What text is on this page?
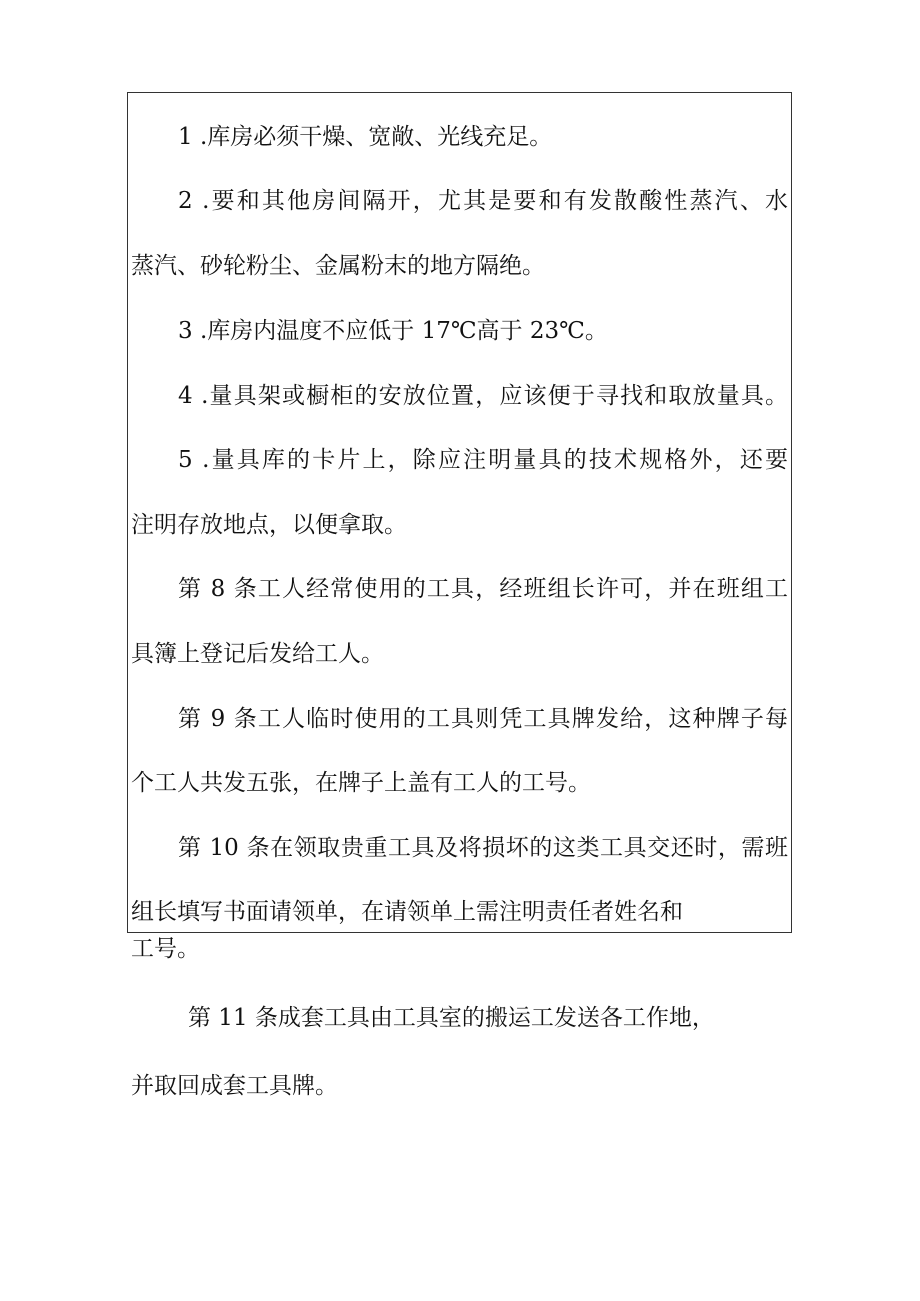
1 .库房必须干燥、宽敞、光线充足。

2 .要和其他房间隔开，尤其是要和有发散酸性蒸汽、水

蒸汽、砂轮粉尘、金属粉末的地方隔绝。

3 .库房内温度不应低于 17℃高于 23℃。

4 .量具架或橱柜的安放位置，应该便于寻找和取放量具。

5 .量具库的卡片上，除应注明量具的技术规格外，还要

注明存放地点，以便拿取。

第 8 条工人经常使用的工具，经班组长许可，并在班组工

具簿上登记后发给工人。

第 9 条工人临时使用的工具则凭工具牌发给，这种牌子每

个工人共发五张，在牌子上盖有工人的工号。

第 10 条在领取贵重工具及将损坏的这类工具交还时，需班

组长填写书面请领单，在请领单上需注明责任者姓名和

工号。

第 11 条成套工具由工具室的搬运工发送各工作地，

并取回成套工具牌。
